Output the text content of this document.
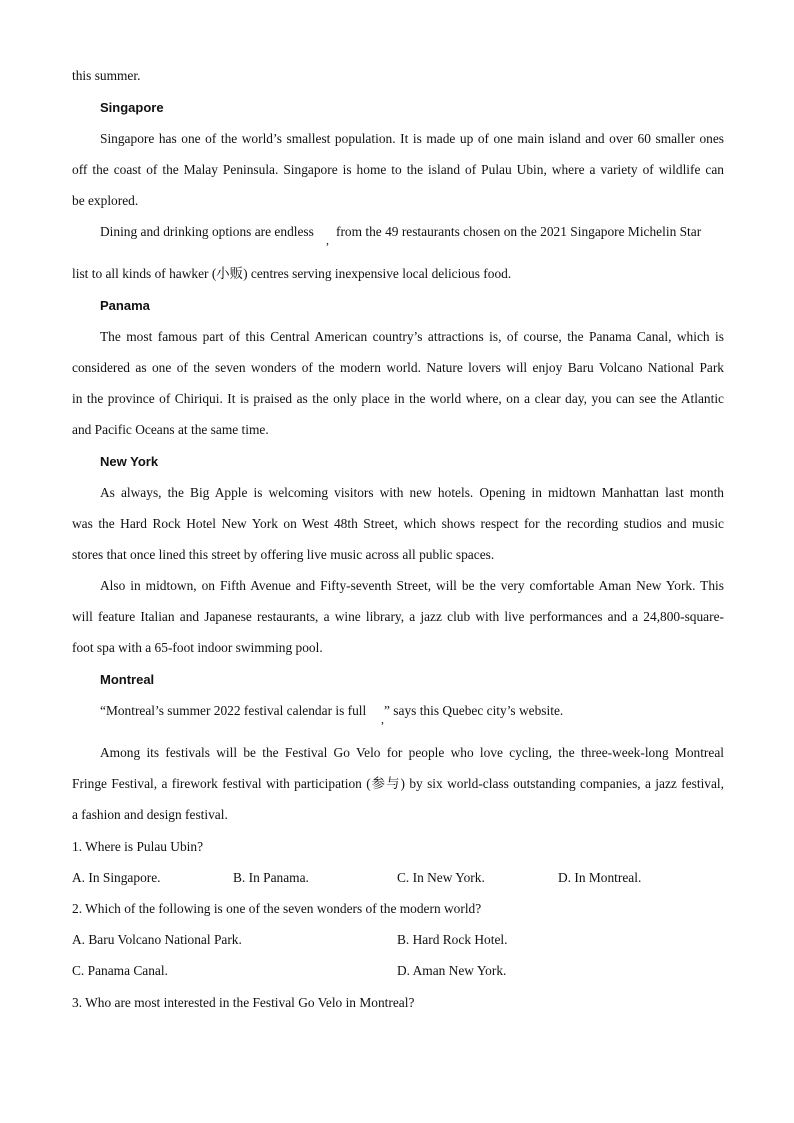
this summer.
Singapore
Singapore has one of the world’s smallest population. It is made up of one main island and over 60 smaller ones
off the coast of the Malay Peninsula. Singapore is home to the island of Pulau Ubin, where a variety of wildlife can
be explored.
Dining and drinking options are endless
,
from the 49 restaurants chosen on the 2021 Singapore Michelin Star
list to all kinds of hawker (小贩) centres serving inexpensive local delicious food.
Panama
The most famous part of this Central American country’s attractions is, of course, the Panama Canal, which is
considered as one of the seven wonders of the modern world. Nature lovers will enjoy Baru Volcano National Park
in the province of Chiriqui. It is praised as the only place in the world where, on a clear day, you can see the Atlantic
and Pacific Oceans at the same time.
New York
As always, the Big Apple is welcoming visitors with new hotels. Opening in midtown Manhattan last month
was the Hard Rock Hotel New York on West 48th Street, which shows respect for the recording studios and music
stores that once lined this street by offering live music across all public spaces.
Also in midtown, on Fifth Avenue and Fifty-seventh Street, will be the very comfortable Aman New York. This
will feature Italian and Japanese restaurants, a wine library, a jazz club with live performances and a 24,800-square-
foot spa with a 65-foot indoor swimming pool.
Montreal
“Montreal’s summer 2022 festival calendar is full
,
” says this Quebec city’s website.
Among its festivals will be the Festival Go Velo for people who love cycling, the three-week-long Montreal
Fringe Festival, a firework festival with participation (参与) by six world-class outstanding companies, a jazz festival,
a fashion and design festival.
1. Where is Pulau Ubin?
A. In Singapore.	B. In Panama.	C. In New York.	D. In Montreal.
2. Which of the following is one of the seven wonders of the modern world?
A. Baru Volcano National Park.	B. Hard Rock Hotel.
C. Panama Canal.	D. Aman New York.
3. Who are most interested in the Festival Go Velo in Montreal?
